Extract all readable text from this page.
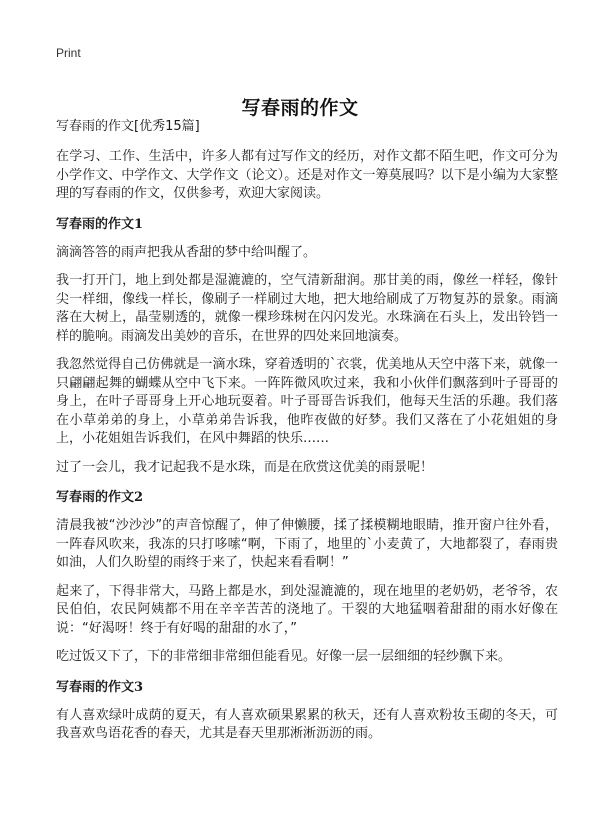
Print
写春雨的作文
写春雨的作文[优秀15篇]

在学习、工作、生活中，许多人都有过写作文的经历，对作文都不陌生吧，作文可分为小学作文、中学作文、大学作文（论文）。还是对作文一筹莫展吗？以下是小编为大家整理的写春雨的作文，仅供参考，欢迎大家阅读。

写春雨的作文1

滴滴答答的雨声把我从香甜的梦中给叫醒了。

我一打开门，地上到处都是湿漉漉的，空气清新甜润。那甘美的雨，像丝一样轻，像针尖一样细，像线一样长，像刷子一样刷过大地，把大地给刷成了万物复苏的景象。雨滴落在大树上，晶莹剔透的，就像一棵珍珠树在闪闪发光。水珠滴在石头上，发出铃铛一样的脆响。雨滴发出美妙的音乐，在世界的四处来回地演奏。

我忽然觉得自己仿佛就是一滴水珠，穿着透明的`衣裳，优美地从天空中落下来，就像一只翩翩起舞的蝴蝶从空中飞下来。一阵阵微风吹过来，我和小伙伴们飘落到叶子哥哥的身上，在叶子哥哥身上开心地玩耍着。叶子哥哥告诉我们，他每天生活的乐趣。我们落在小草弟弟的身上，小草弟弟告诉我，他昨夜做的好梦。我们又落在了小花姐姐的身上，小花姐姐告诉我们，在风中舞蹈的快乐……

过了一会儿，我才记起我不是水珠，而是在欣赏这优美的雨景呢！

写春雨的作文2

清晨我被“沙沙沙”的声音惊醒了，伸了伸懒腰，揉了揉模糊地眼睛，推开窗户往外看，一阵春风吹来，我冻的只打哆嗦“啊，下雨了，地里的`小麦黄了，大地都裂了，春雨贵如油，人们久盼望的雨终于来了，快起来看看啊！”

起来了，下得非常大，马路上都是水，到处湿漉漉的，现在地里的老奶奶，老爷爷，农民伯伯，农民阿姨都不用在辛辛苦苦的浇地了。干裂的大地猛咽着甜甜的雨水好像在说：“好渴呀！终于有好喝的甜甜的水了，”

吃过饭又下了，下的非常细非常细但能看见。好像一层一层细细的轻纱飘下来。

写春雨的作文3

有人喜欢绿叶成荫的夏天，有人喜欢硕果累累的秋天，还有人喜欢粉妆玉砌的冬天，可我喜欢鸟语花香的春天，尤其是春天里那淅淅沥沥的雨。
